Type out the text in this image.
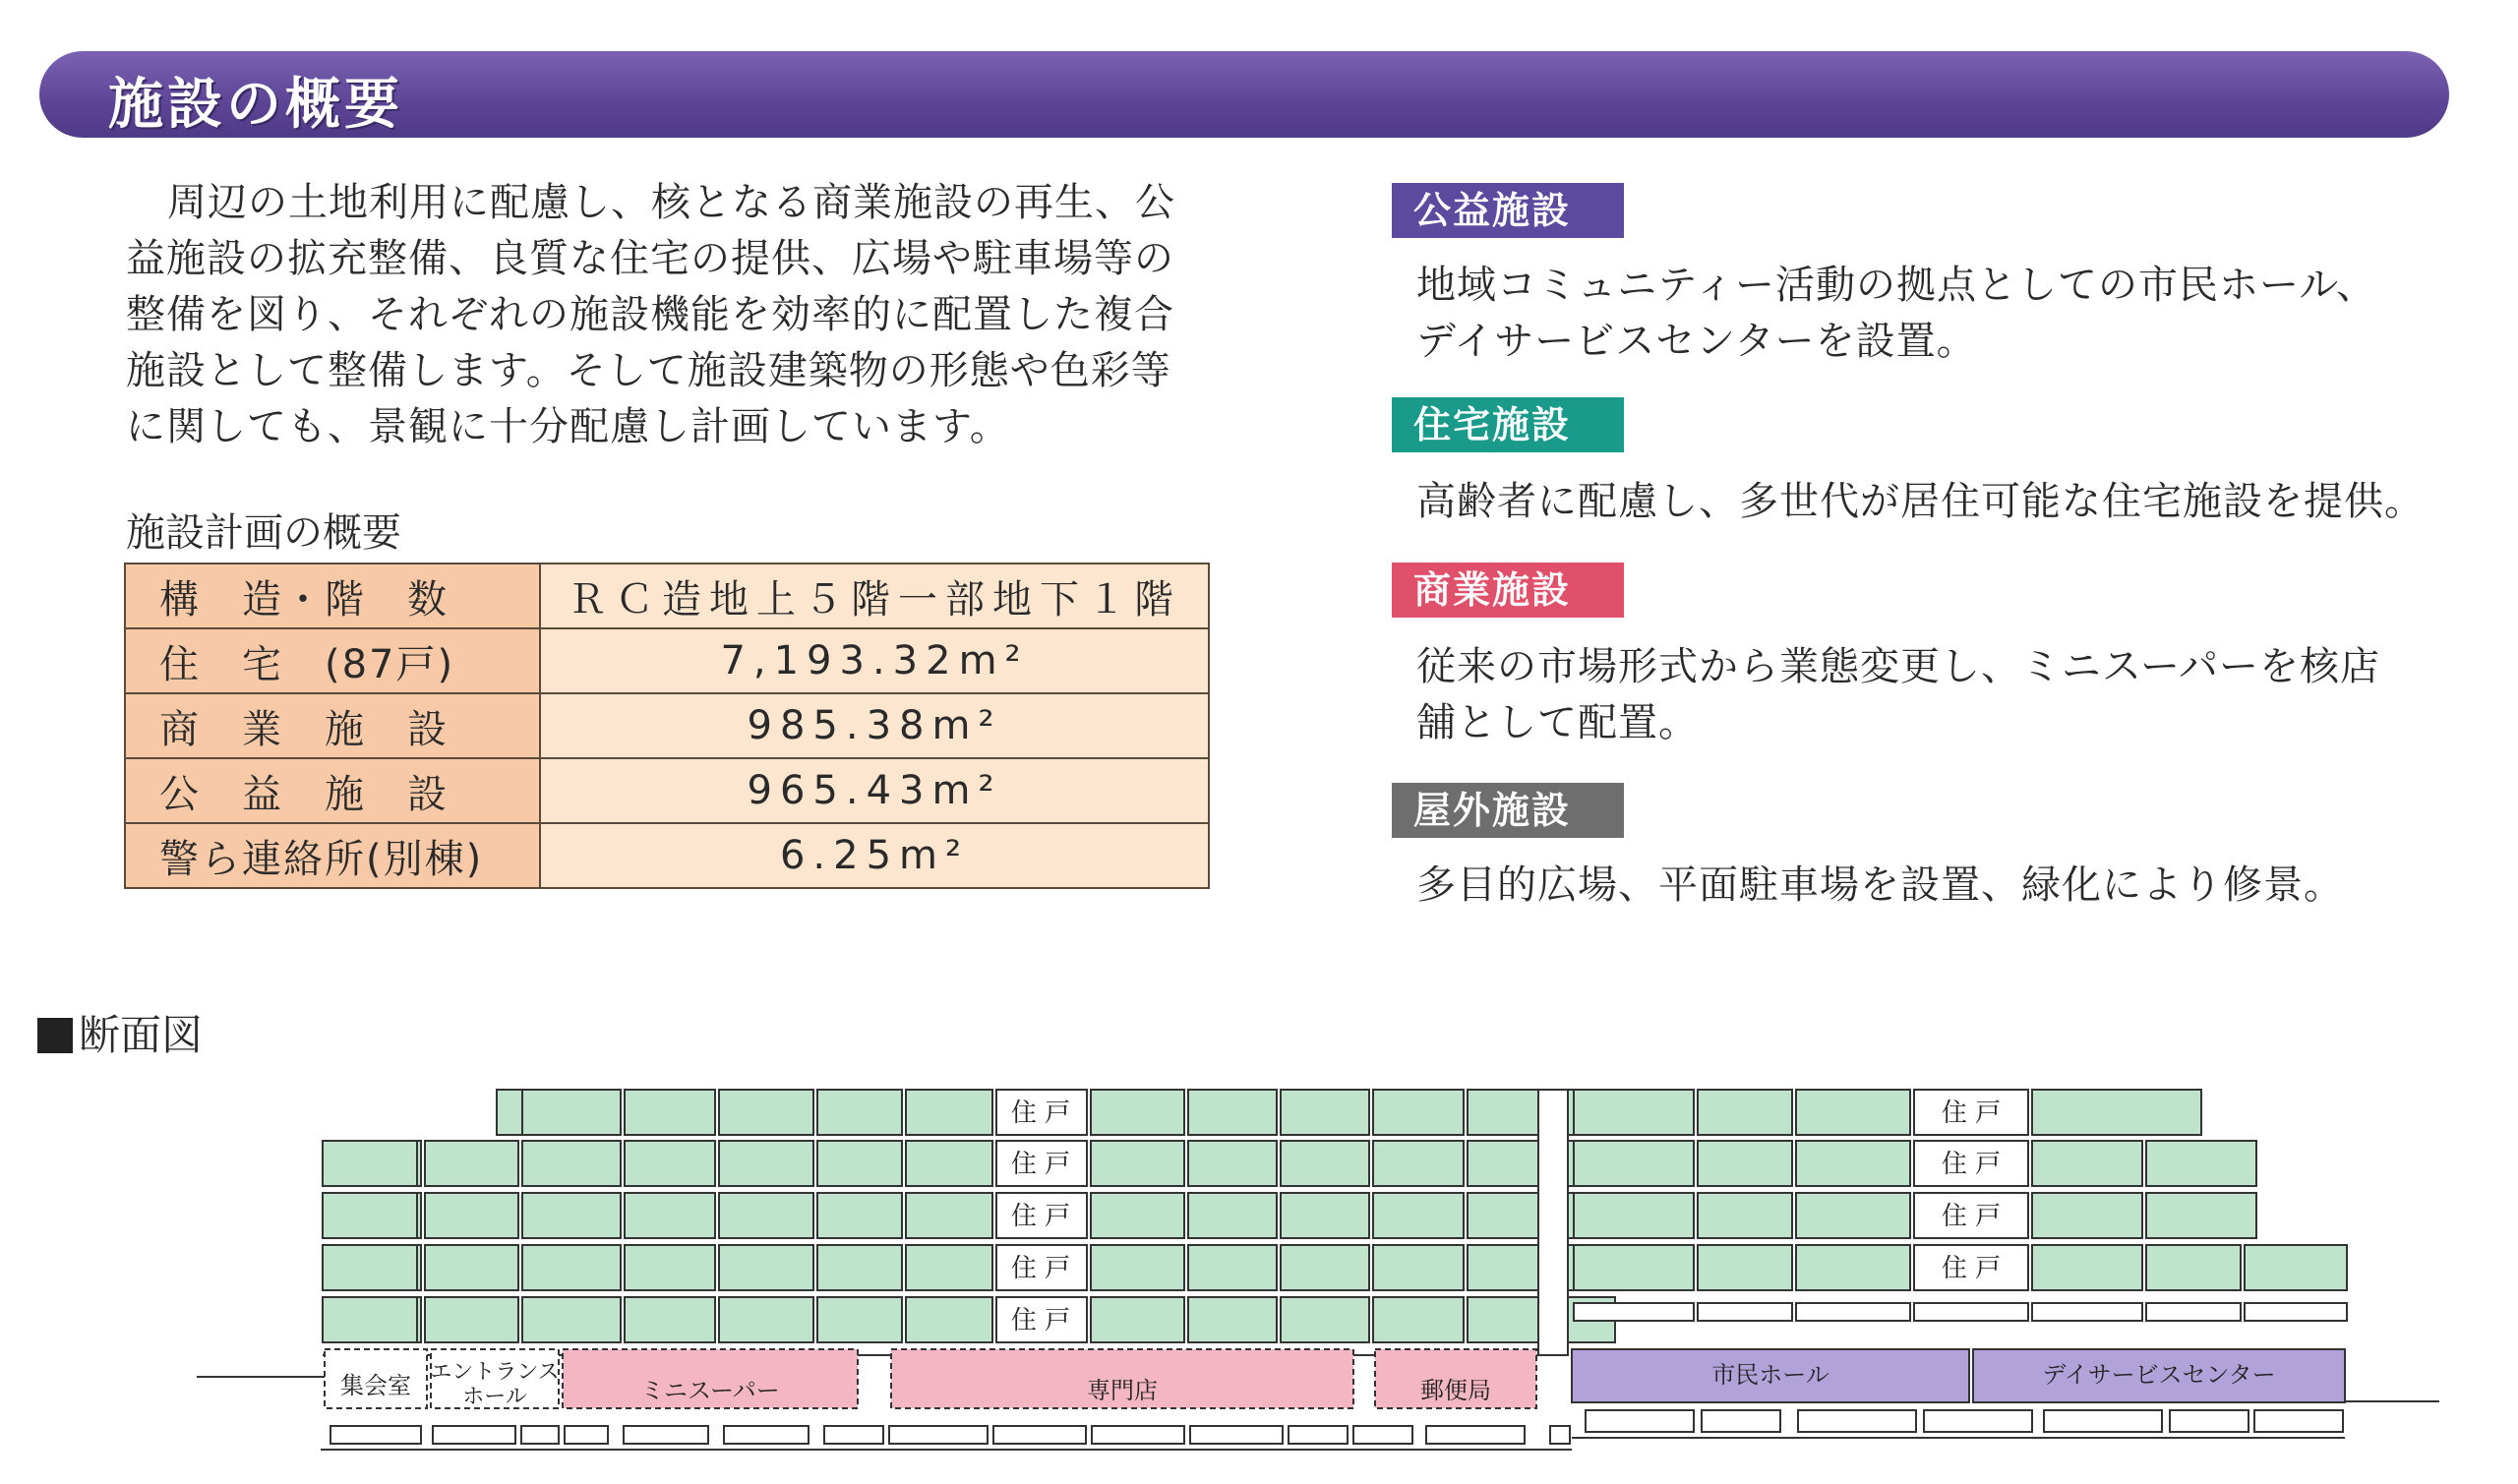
施設の概要
周辺の土地利用に配慮し、核となる商業施設の再生、公
益施設の拡充整備、良質な住宅の提供、広場や駐車場等の
整備を図り、それぞれの施設機能を効率的に配置した複合
施設として整備します。そして施設建築物の形態や色彩等
に関しても、景観に十分配慮し計画しています。
施設計画の概要
構　造・階　数	ＲＣ造地上５階一部地下１階
住　宅　(87戸)	7,193.32m²
商　業　施　設	985.38m²
公　益　施　設	965.43m²
警ら連絡所(別棟)	6.25m²
公益施設
地域コミュニティー活動の拠点としての市民ホール、
デイサービスセンターを設置。
住宅施設
高齢者に配慮し、多世代が居住可能な住宅施設を提供。
商業施設
従来の市場形式から業態変更し、ミニスーパーを核店
舗として配置。
屋外施設
多目的広場、平面駐車場を設置、緑化により修景。
断面図
住 戸
住 戸
住 戸
住 戸
住 戸
住 戸
住 戸
住 戸
住 戸
集会室 エントランス
ホール	ミニスーパー	専門店	郵便局
市民ホール	デイサービスセンター
